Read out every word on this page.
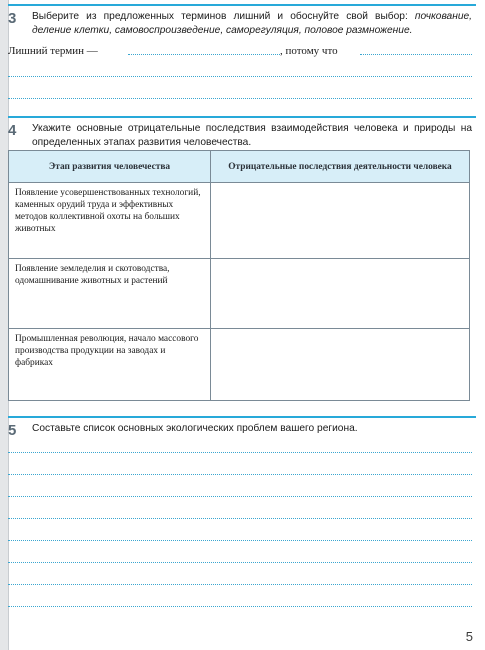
3 Выберите из предложенных терминов лишний и обоснуйте свой выбор: почкование, деление клетки, самовоспроизведение, саморегуляция, половое размножение.
Лишний термин —	, потому что
4 Укажите основные отрицательные последствия взаимодействия человека и природы на определенных этапах развития человечества.
Этап развития человечества	Отрицательные последствия деятельности человека
Появление усовершенствованных технологий, каменных орудий труда и эффективных методов коллективной охоты на больших животных	
Появление земледелия и скотоводства, одомашнивание животных и растений	
Промышленная революция, начало массового производства продукции на заводах и фабриках	
5 Составьте список основных экологических проблем вашего региона.
5
